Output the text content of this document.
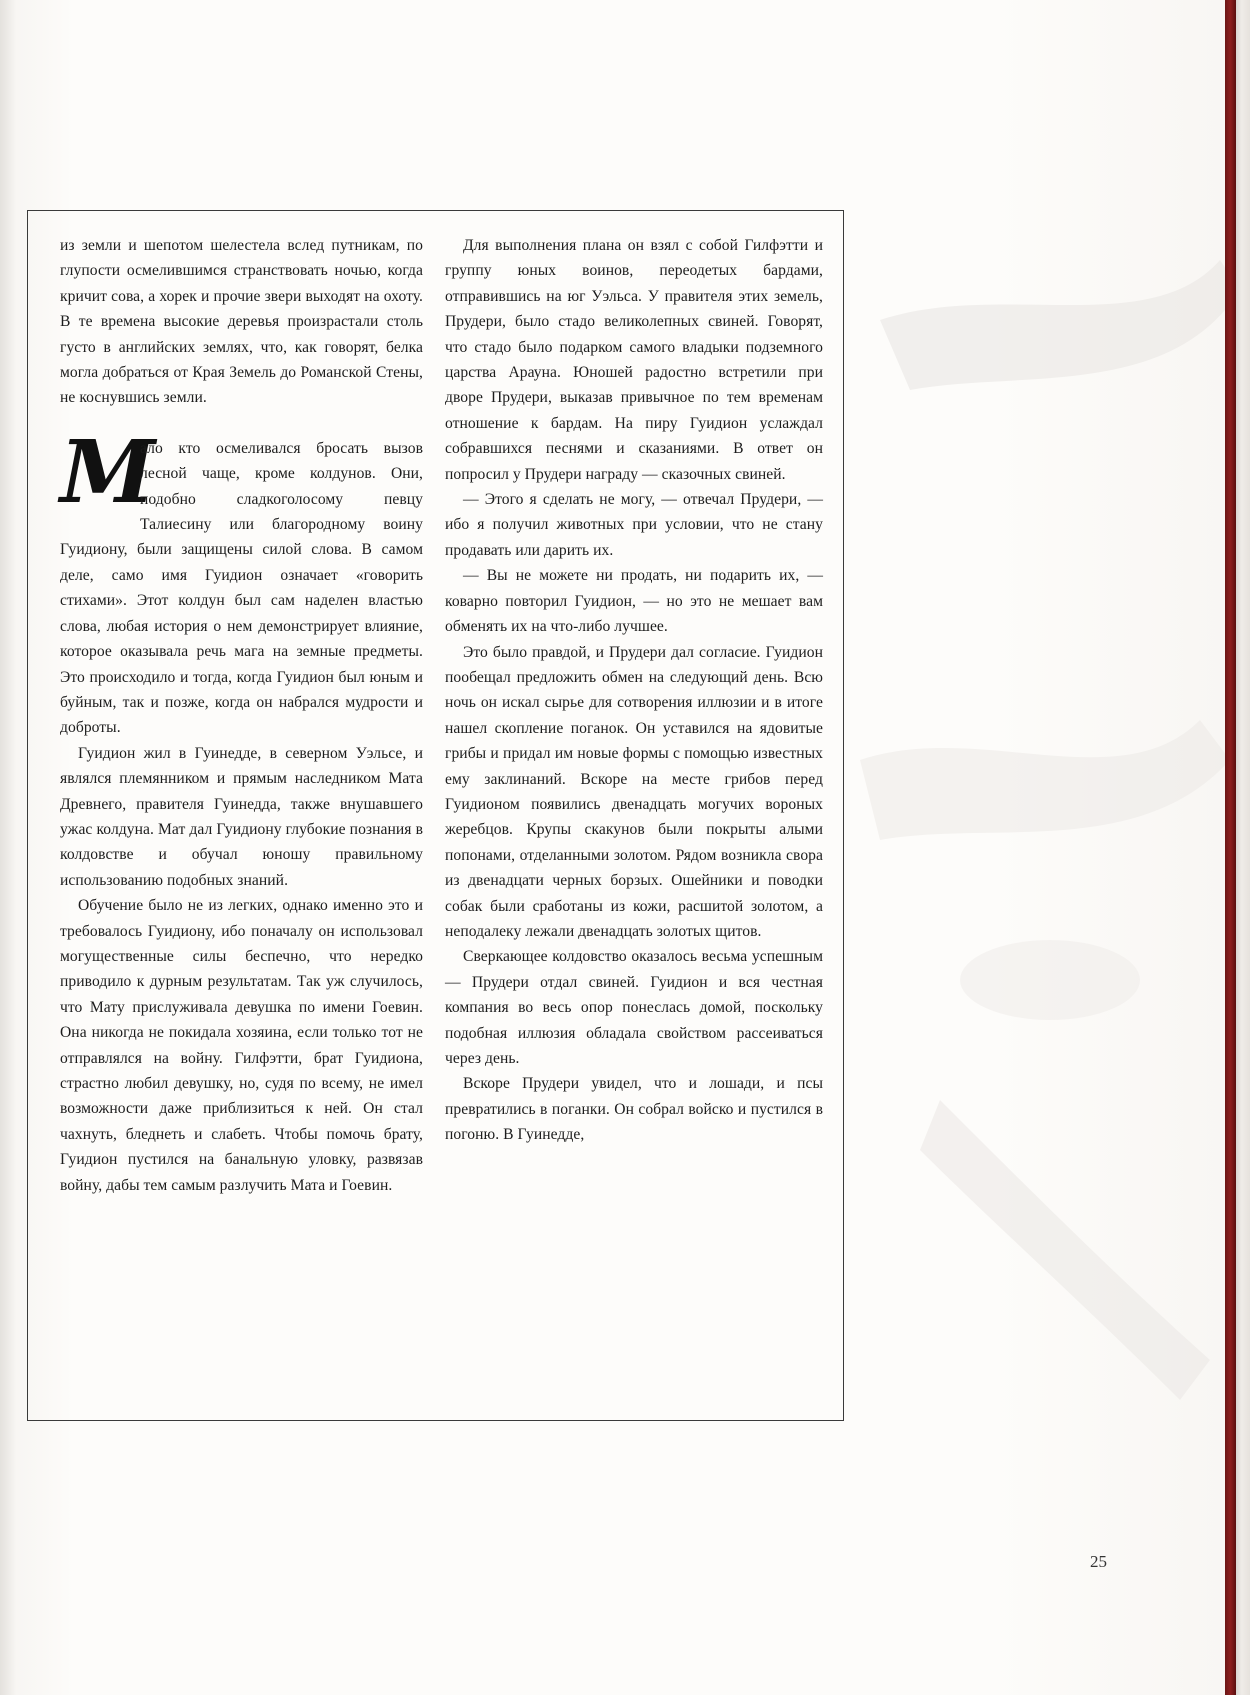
из земли и шепотом шелестела вслед путникам, по глупости осмелившимся странствовать ночью, когда кричит сова, а хорек и прочие звери выходят на охоту. В те времена высокие деревья произрастали столь густо в английских землях, что, как говорят, белка могла добраться от Края Земель до Романской Стены, не коснувшись земли.

М
ало кто осмеливался бросать вызов лесной чаще, кроме колдунов. Они, подобно сладкоголосому певцу Талиесину или благородному воину Гуидиону, были защищены силой слова. В самом деле, само имя Гуидион означает «говорить стихами». Этот колдун был сам наделен властью слова, любая история о нем демонстрирует влияние, которое оказывала речь мага на земные предметы. Это происходило и тогда, когда Гуидион был юным и буйным, так и позже, когда он набрался мудрости и доброты.

Гуидион жил в Гуинедде, в северном Уэльсе, и являлся племянником и прямым наследником Мата Древнего, правителя Гуинедда, также внушавшего ужас колдуна. Мат дал Гуидиону глубокие познания в колдовстве и обучал юношу правильному использованию подобных знаний.

Обучение было не из легких, однако именно это и требовалось Гуидиону, ибо поначалу он использовал могущественные силы беспечно, что нередко приводило к дурным результатам. Так уж случилось, что Мату прислуживала девушка по имени Гоевин. Она никогда не покидала хозяина, если только тот не отправлялся на войну. Гилфэтти, брат Гуидиона, страстно любил девушку, но, судя по всему, не имел возможности даже приблизиться к ней. Он стал чахнуть, бледнеть и слабеть. Чтобы помочь брату, Гуидион пустился на банальную уловку, развязав войну, дабы тем самым разлучить Мата и Гоевин.

Для выполнения плана он взял с собой Гилфэтти и группу юных воинов, переодетых бардами, отправившись на юг Уэльса. У правителя этих земель, Прудери, было стадо великолепных свиней. Говорят, что стадо было подарком самого владыки подземного царства Арауна. Юношей радостно встретили при дворе Прудери, выказав привычное по тем временам отношение к бардам. На пиру Гуидион услаждал собравшихся песнями и сказаниями. В ответ он попросил у Прудери награду — сказочных свиней.

— Этого я сделать не могу, — отвечал Прудери, — ибо я получил животных при условии, что не стану продавать или дарить их.

— Вы не можете ни продать, ни подарить их, — коварно повторил Гуидион, — но это не мешает вам обменять их на что-либо лучшее.

Это было правдой, и Прудери дал согласие. Гуидион пообещал предложить обмен на следующий день. Всю ночь он искал сырье для сотворения иллюзии и в итоге нашел скопление поганок. Он уставился на ядовитые грибы и придал им новые формы с помощью известных ему заклинаний. Вскоре на месте грибов перед Гуидионом появились двенадцать могучих вороных жеребцов. Крупы скакунов были покрыты алыми попонами, отделанными золотом. Рядом возникла свора из двенадцати черных борзых. Ошейники и поводки собак были сработаны из кожи, расшитой золотом, а неподалеку лежали двенадцать золотых щитов.

Сверкающее колдовство оказалось весьма успешным — Прудери отдал свиней. Гуидион и вся честная компания во весь опор понеслась домой, поскольку подобная иллюзия обладала свойством рассеиваться через день.

Вскоре Прудери увидел, что и лошади, и псы превратились в поганки. Он собрал войско и пустился в погоню. В Гуинедде,

25
